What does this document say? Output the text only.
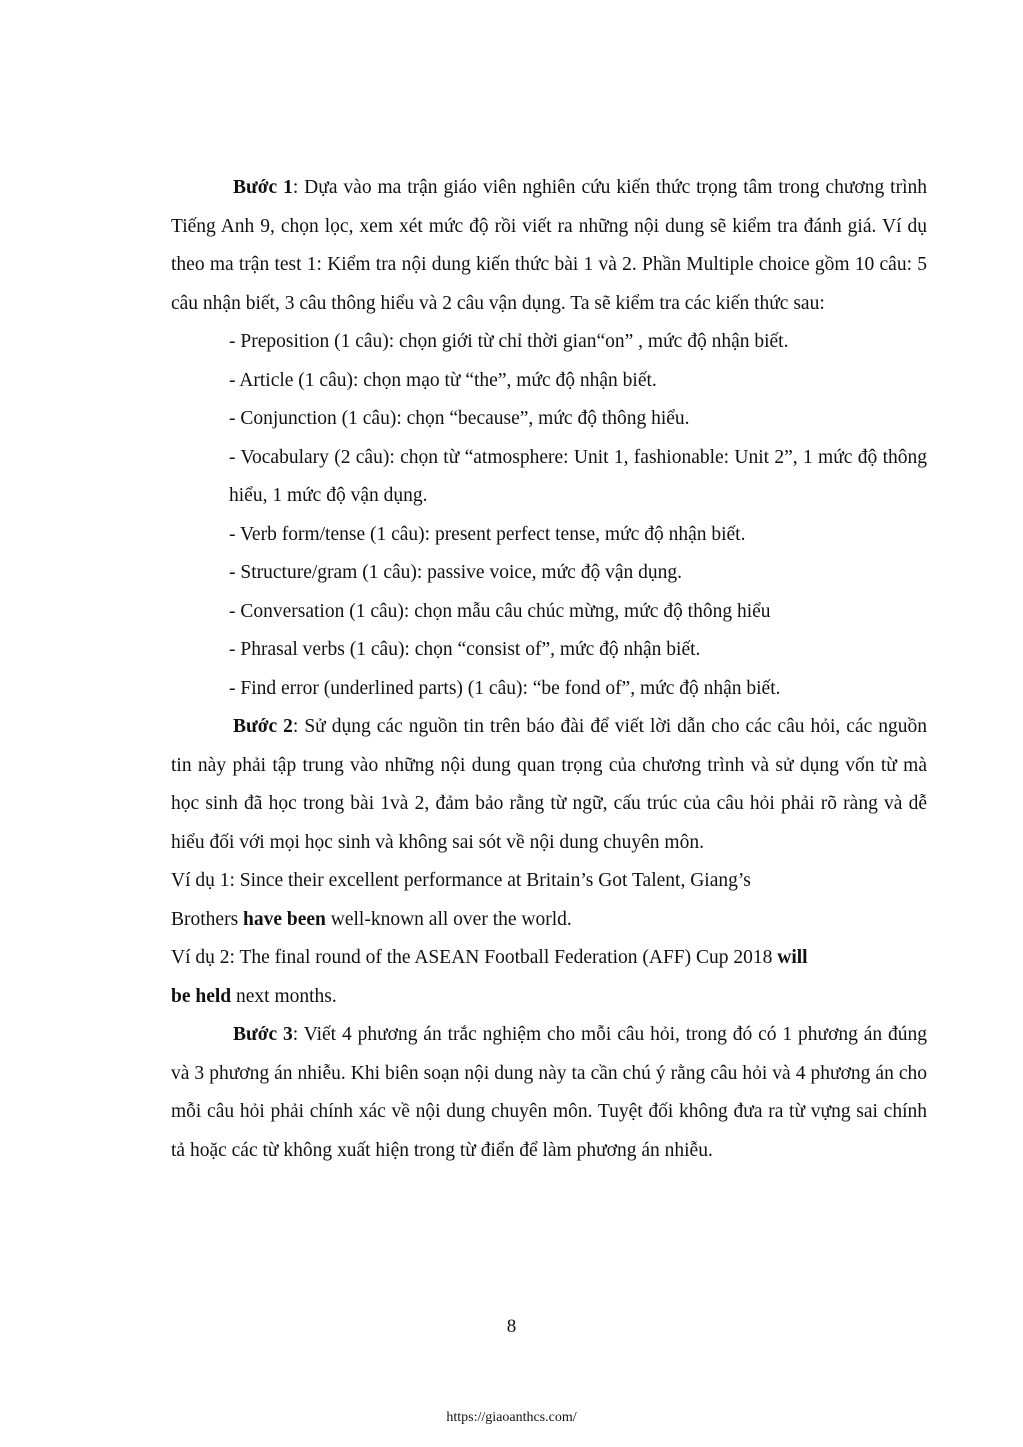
Bước 1: Dựa vào ma trận giáo viên nghiên cứu kiến thức trọng tâm trong chương trình Tiếng Anh 9, chọn lọc, xem xét mức độ rồi viết ra những nội dung sẽ kiểm tra đánh giá. Ví dụ theo ma trận test 1: Kiểm tra nội dung kiến thức bài 1 và 2. Phần Multiple choice gồm 10 câu: 5 câu nhận biết, 3 câu thông hiểu và 2 câu vận dụng. Ta sẽ kiểm tra các kiến thức sau:

- Preposition (1 câu): chọn giới từ chỉ thời gian“on” , mức độ nhận biết.

- Article (1 câu): chọn mạo từ “the”, mức độ nhận biết.

- Conjunction (1 câu): chọn “because”, mức độ thông hiểu.

- Vocabulary (2 câu): chọn từ “atmosphere: Unit 1, fashionable: Unit 2”, 1 mức độ thông hiểu, 1 mức độ vận dụng.

- Verb form/tense (1 câu): present perfect tense, mức độ nhận biết.

- Structure/gram (1 câu): passive voice, mức độ vận dụng.

- Conversation (1 câu): chọn mẫu câu chúc mừng, mức độ thông hiểu

- Phrasal verbs (1 câu): chọn “consist of”, mức độ nhận biết.

- Find error (underlined parts) (1 câu): “be fond of”, mức độ nhận biết.

Bước 2: Sử dụng các nguồn tin trên báo đài để viết lời dẫn cho các câu hỏi, các nguồn tin này phải tập trung vào những nội dung quan trọng của chương trình và sử dụng vốn từ mà học sinh đã học trong bài 1và 2, đảm bảo rằng từ ngữ, cấu trúc của câu hỏi phải rõ ràng và dễ hiểu đối với mọi học sinh và không sai sót về nội dung chuyên môn.

Ví dụ 1: Since their excellent performance at Britain’s Got Talent, Giang’s

Brothers have been well-known all over the world.

Ví dụ 2: The final round of the ASEAN Football Federation (AFF) Cup 2018 will

be held next months.

Bước 3: Viết 4 phương án trắc nghiệm cho mỗi câu hỏi, trong đó có 1 phương án đúng và 3 phương án nhiễu. Khi biên soạn nội dung này ta cần chú ý rằng câu hỏi và 4 phương án cho mỗi câu hỏi phải chính xác về nội dung chuyên môn. Tuyệt đối không đưa ra từ vựng sai chính tả hoặc các từ không xuất hiện trong từ điển để làm phương án nhiễu.

8
https://giaoanthcs.com/
